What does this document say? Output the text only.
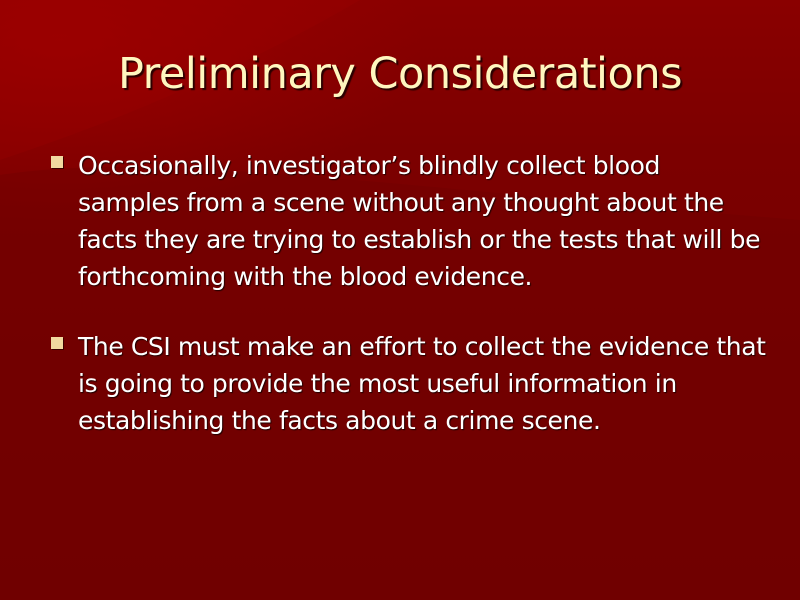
Preliminary Considerations
Occasionally, investigator’s blindly collect blood samples from a scene without any thought about the facts they are trying to establish or the tests that will be forthcoming with the blood evidence.
The CSI must make an effort to collect the evidence that is going to provide the most useful information in establishing the facts about a crime scene.
